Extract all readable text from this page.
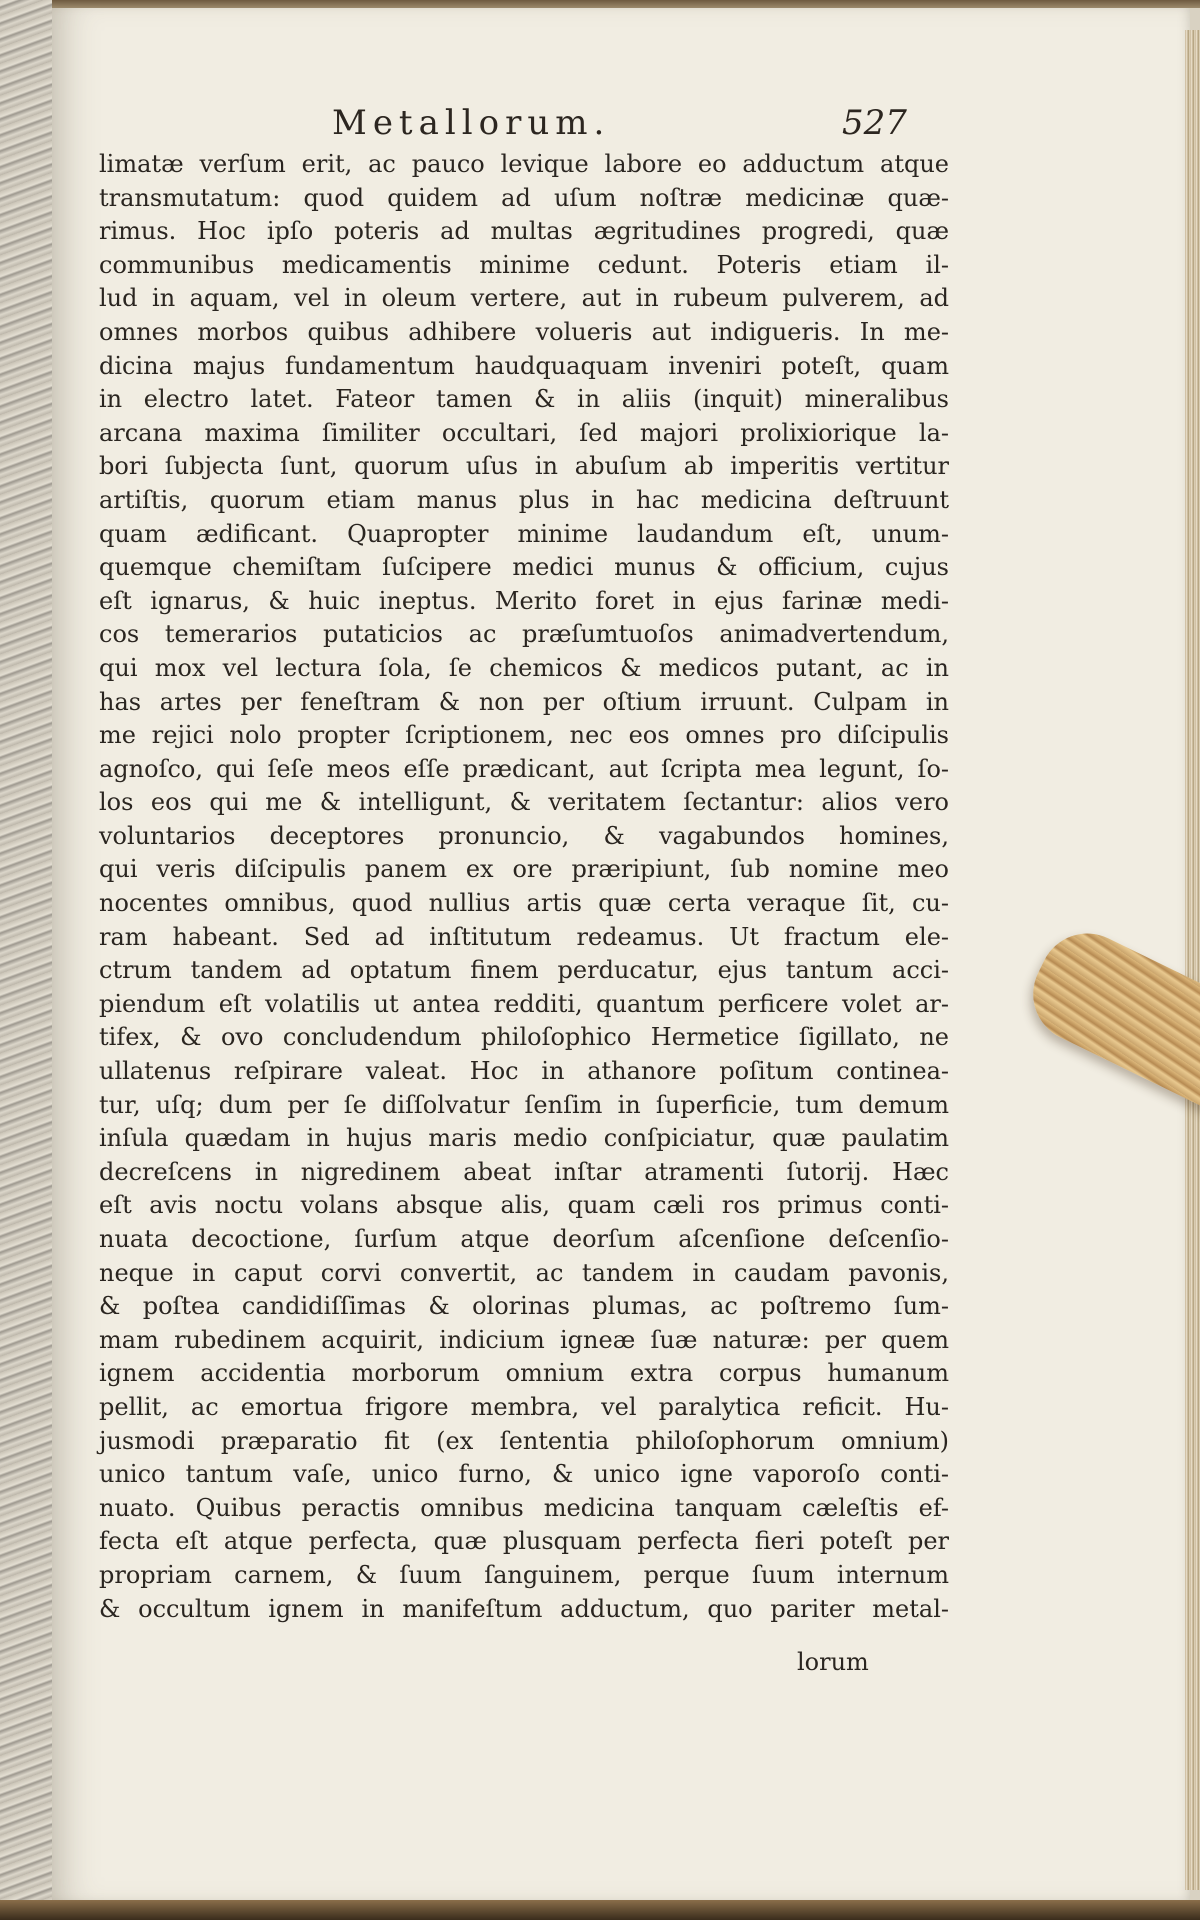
Metallorum.	527
limatæ verſum erit, ac pauco levique labore eo adductum atque
transmutatum: quod quidem ad uſum noſtræ medicinæ quæ-
rimus. Hoc ipſo poteris ad multas ægritudines progredi, quæ
communibus medicamentis minime cedunt. Poteris etiam il-
lud in aquam, vel in oleum vertere, aut in rubeum pulverem, ad
omnes morbos quibus adhibere volueris aut indigueris. In me-
dicina majus fundamentum haudquaquam inveniri poteſt, quam
in electro latet. Fateor tamen & in aliis (inquit) mineralibus
arcana maxima ſimiliter occultari, ſed majori prolixiorique la-
bori ſubjecta ſunt, quorum uſus in abuſum ab imperitis vertitur
artiſtis, quorum etiam manus plus in hac medicina deſtruunt
quam ædificant. Quapropter minime laudandum eſt, unum-
quemque chemiſtam ſuſcipere medici munus & officium, cujus
eſt ignarus, & huic ineptus. Merito foret in ejus farinæ medi-
cos temerarios putaticios ac præſumtuoſos animadvertendum,
qui mox vel lectura ſola, ſe chemicos & medicos putant, ac in
has artes per feneſtram & non per oſtium irruunt. Culpam in
me rejici nolo propter ſcriptionem, nec eos omnes pro diſcipulis
agnoſco, qui ſeſe meos eſſe prædicant, aut ſcripta mea legunt, ſo-
los eos qui me & intelligunt, & veritatem ſectantur: alios vero
voluntarios deceptores pronuncio, & vagabundos homines,
qui veris diſcipulis panem ex ore præripiunt, ſub nomine meo
nocentes omnibus, quod nullius artis quæ certa veraque ſit, cu-
ram habeant. Sed ad inſtitutum redeamus. Ut fractum ele-
ctrum tandem ad optatum finem perducatur, ejus tantum acci-
piendum eſt volatilis ut antea redditi, quantum perficere volet ar-
tifex, & ovo concludendum philoſophico Hermetice ſigillato, ne
ullatenus reſpirare valeat. Hoc in athanore poſitum continea-
tur, uſq; dum per ſe diſſolvatur ſenſim in ſuperficie, tum demum
inſula quædam in hujus maris medio conſpiciatur, quæ paulatim
decreſcens in nigredinem abeat inſtar atramenti ſutorij. Hæc
eſt avis noctu volans absque alis, quam cæli ros primus conti-
nuata decoctione, ſurſum atque deorſum aſcenſione deſcenſio-
neque in caput corvi convertit, ac tandem in caudam pavonis,
& poſtea candidiſſimas & olorinas plumas, ac poſtremo ſum-
mam rubedinem acquirit, indicium igneæ ſuæ naturæ: per quem
ignem accidentia morborum omnium extra corpus humanum
pellit, ac emortua frigore membra, vel paralytica reficit. Hu-
jusmodi præparatio fit (ex ſententia philoſophorum omnium)
unico tantum vaſe, unico furno, & unico igne vaporoſo conti-
nuato. Quibus peractis omnibus medicina tanquam cæleſtis ef-
fecta eſt atque perfecta, quæ plusquam perfecta fieri poteſt per
propriam carnem, & ſuum ſanguinem, perque ſuum internum
& occultum ignem in manifeſtum adductum, quo pariter metal-
lorum
